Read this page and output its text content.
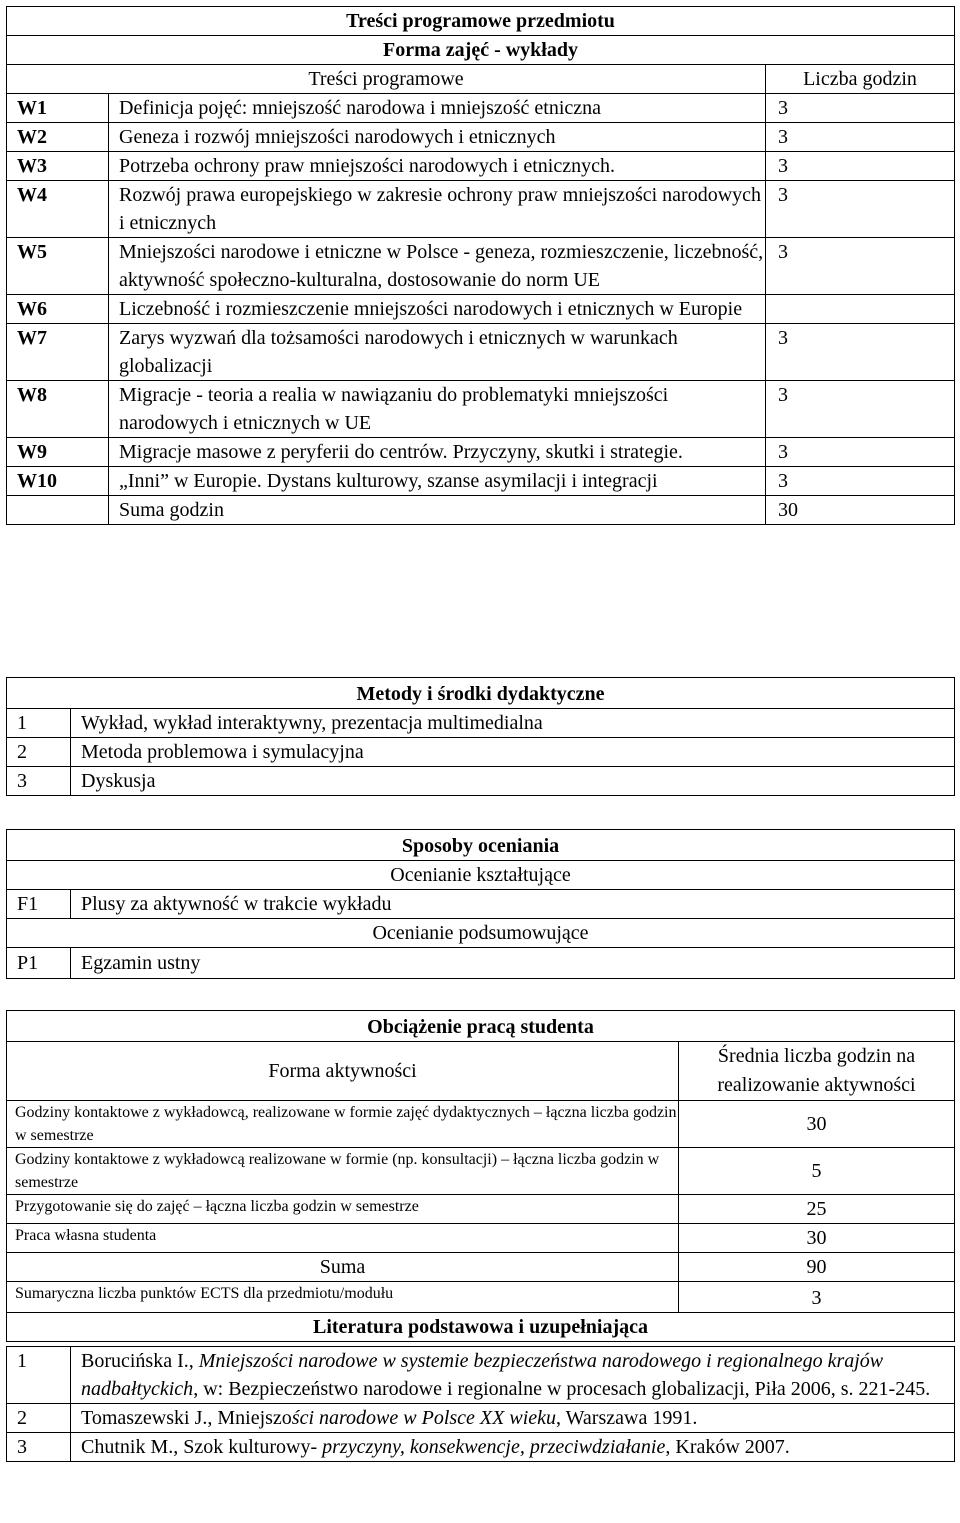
Treści programowe przedmiotu		
Forma zajęć - wykłady		
Treści programowe		Liczba godzin
W1	Definicja pojęć: mniejszość narodowa i mniejszość etniczna	3
W2	Geneza i rozwój mniejszości narodowych i etnicznych	3
W3	Potrzeba ochrony praw mniejszości narodowych i etnicznych.	3
W4	Rozwój prawa europejskiego w zakresie ochrony praw mniejszości narodowych i etnicznych	3
W5	Mniejszości narodowe i etniczne w Polsce - geneza, rozmieszczenie, liczebność, aktywność społeczno-kulturalna, dostosowanie do norm UE	3
W6	Liczebność i rozmieszczenie mniejszości narodowych i etnicznych w Europie	
W7	Zarys wyzwań dla tożsamości narodowych i etnicznych w warunkach globalizacji	3
W8	Migracje - teoria a realia w nawiązaniu do problematyki mniejszości narodowych i etnicznych w UE	3
W9	Migracje masowe z peryferii do centrów. Przyczyny, skutki i strategie.	3
W10	„Inni” w Europie. Dystans kulturowy, szanse asymilacji i integracji	3
	Suma godzin	30
Metody i środki dydaktyczne	
1	Wykład, wykład interaktywny, prezentacja multimedialna
2	Metoda problemowa i symulacyjna
3	Dyskusja
Sposoby oceniania	
Ocenianie kształtujące	
F1	Plusy za aktywność w trakcie wykładu
Ocenianie podsumowujące	
P1	Egzamin ustny
Obciążenie pracą studenta	
Forma aktywności	Średnia liczba godzin na realizowanie aktywności
Godziny kontaktowe z wykładowcą, realizowane w formie zajęć dydaktycznych – łączna liczba godzin w semestrze	30
Godziny kontaktowe z wykładowcą realizowane w formie (np. konsultacji) – łączna liczba godzin w semestrze	5
Przygotowanie się do zajęć – łączna liczba godzin w semestrze	25
Praca własna studenta	30
Suma	90
Sumaryczna liczba punktów ECTS dla przedmiotu/modułu	3
Literatura podstawowa i uzupełniająca	
1	Borucińska I., Mniejszości narodowe w systemie bezpieczeństwa narodowego i regionalnego krajów nadbałtyckich, w: Bezpieczeństwo narodowe i regionalne w procesach globalizacji, Piła 2006, s. 221-245.
2	Tomaszewski J., Mniejszości narodowe w Polsce XX wieku, Warszawa 1991.
3	Chutnik M., Szok kulturowy- przyczyny, konsekwencje, przeciwdziałanie, Kraków 2007.
